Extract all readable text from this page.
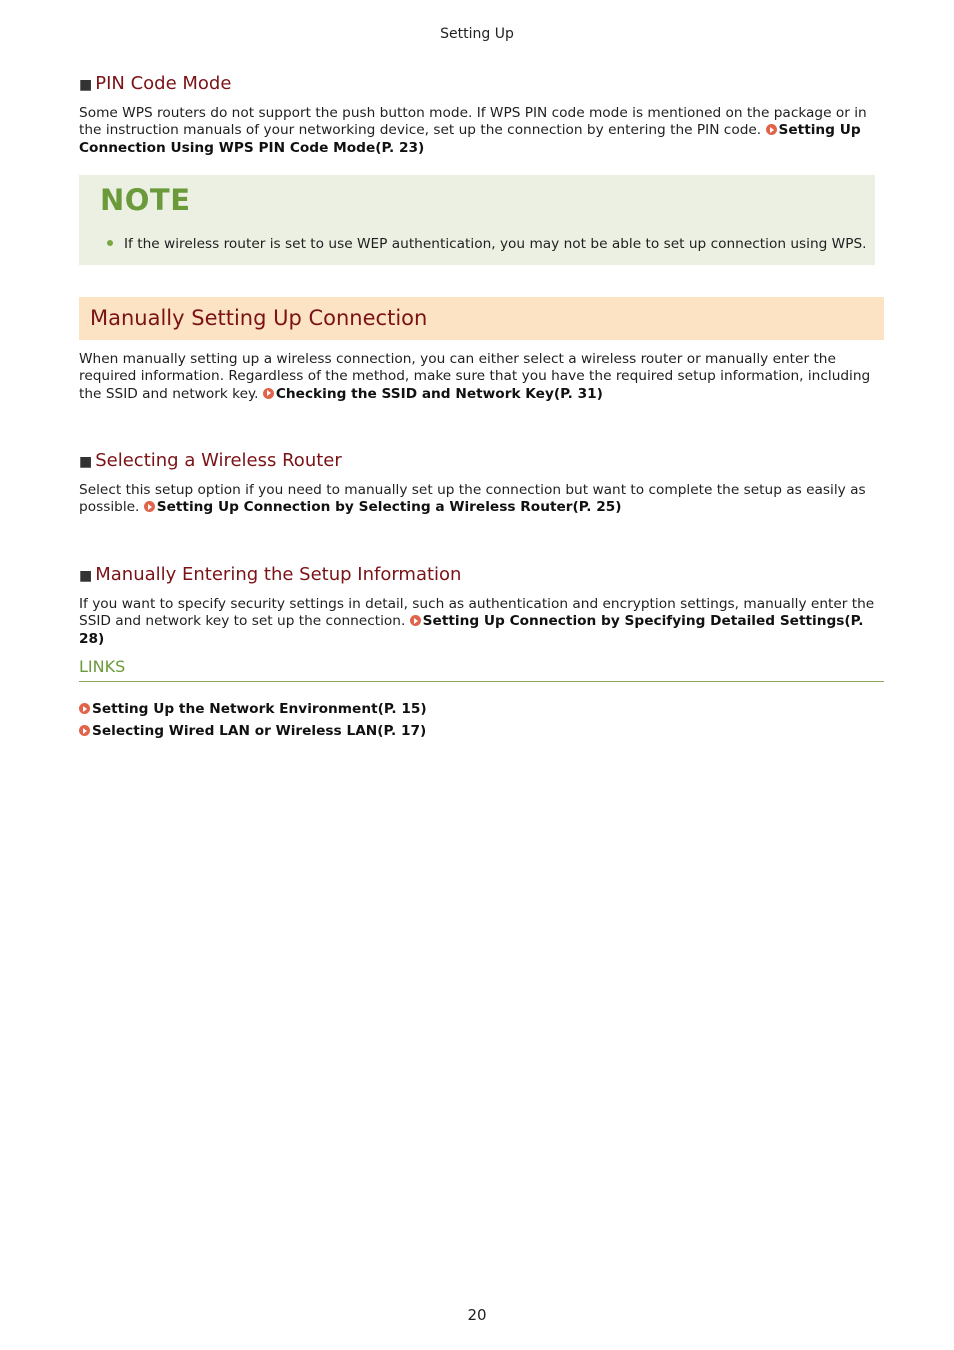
Setting Up
■ PIN Code Mode
Some WPS routers do not support the push button mode. If WPS PIN code mode is mentioned on the package or in the instruction manuals of your networking device, set up the connection by entering the PIN code. Setting Up Connection Using WPS PIN Code Mode(P. 23)
NOTE
If the wireless router is set to use WEP authentication, you may not be able to set up connection using WPS.
Manually Setting Up Connection
When manually setting up a wireless connection, you can either select a wireless router or manually enter the required information. Regardless of the method, make sure that you have the required setup information, including the SSID and network key. Checking the SSID and Network Key(P. 31)
■ Selecting a Wireless Router
Select this setup option if you need to manually set up the connection but want to complete the setup as easily as possible. Setting Up Connection by Selecting a Wireless Router(P. 25)
■ Manually Entering the Setup Information
If you want to specify security settings in detail, such as authentication and encryption settings, manually enter the SSID and network key to set up the connection. Setting Up Connection by Specifying Detailed Settings(P. 28)
LINKS
Setting Up the Network Environment(P. 15)
Selecting Wired LAN or Wireless LAN(P. 17)
20
